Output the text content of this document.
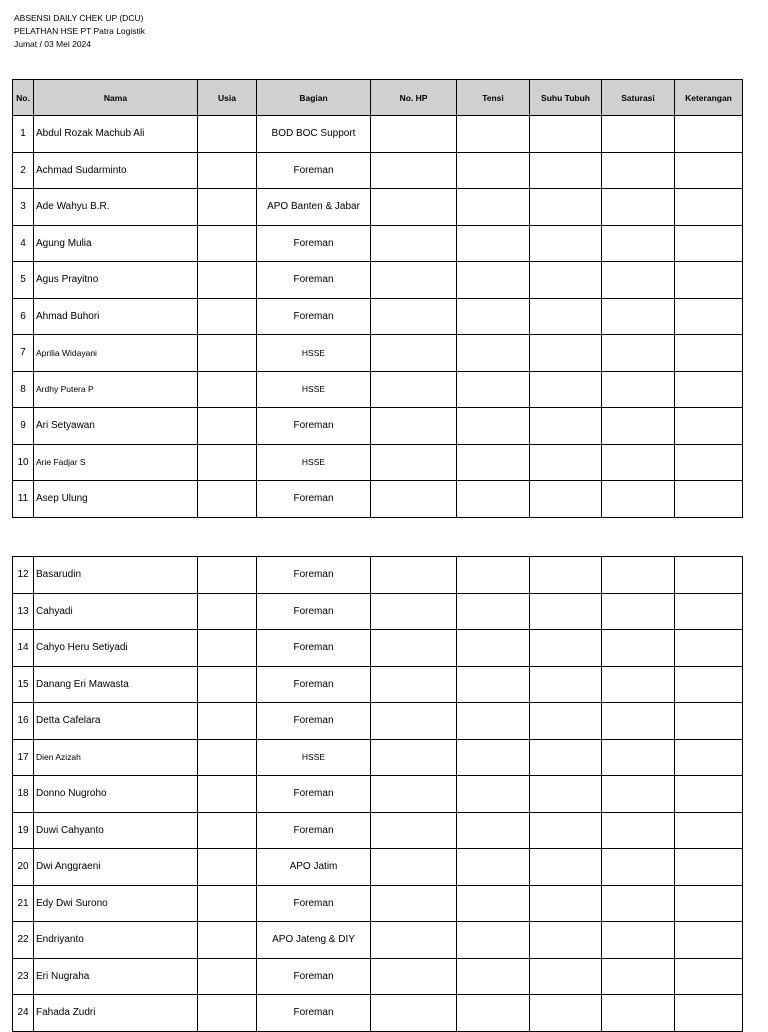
ABSENSI DAILY CHEK UP (DCU)
PELATHAN HSE PT Patra Logistik
Jumat / 03 Mei 2024
No.	Nama	Usia	Bagian	No. HP	Tensi	Suhu Tubuh	Saturasi	Keterangan
1	Abdul Rozak Machub Ali		BOD BOC Support					
2	Achmad Sudarminto		Foreman					
3	Ade Wahyu B.R.		APO Banten & Jabar					
4	Agung Mulia		Foreman					
5	Agus Prayitno		Foreman					
6	Ahmad Buhori		Foreman					
7	Aprilia Widayani		HSSE					
8	Ardhy Putera P		HSSE					
9	Ari Setyawan		Foreman					
10	Arie Fadjar S		HSSE					
11	Asep Ulung		Foreman					
12	Basarudin		Foreman					
13	Cahyadi		Foreman					
14	Cahyo Heru Setiyadi		Foreman					
15	Danang Eri Mawasta		Foreman					
16	Detta Cafelara		Foreman					
17	Dien Azizah		HSSE					
18	Donno Nugroho		Foreman					
19	Duwi Cahyanto		Foreman					
20	Dwi Anggraeni		APO Jatim					
21	Edy Dwi Surono		Foreman					
22	Endriyanto		APO Jateng & DIY					
23	Eri Nugraha		Foreman					
24	Fahada Zudri		Foreman					
